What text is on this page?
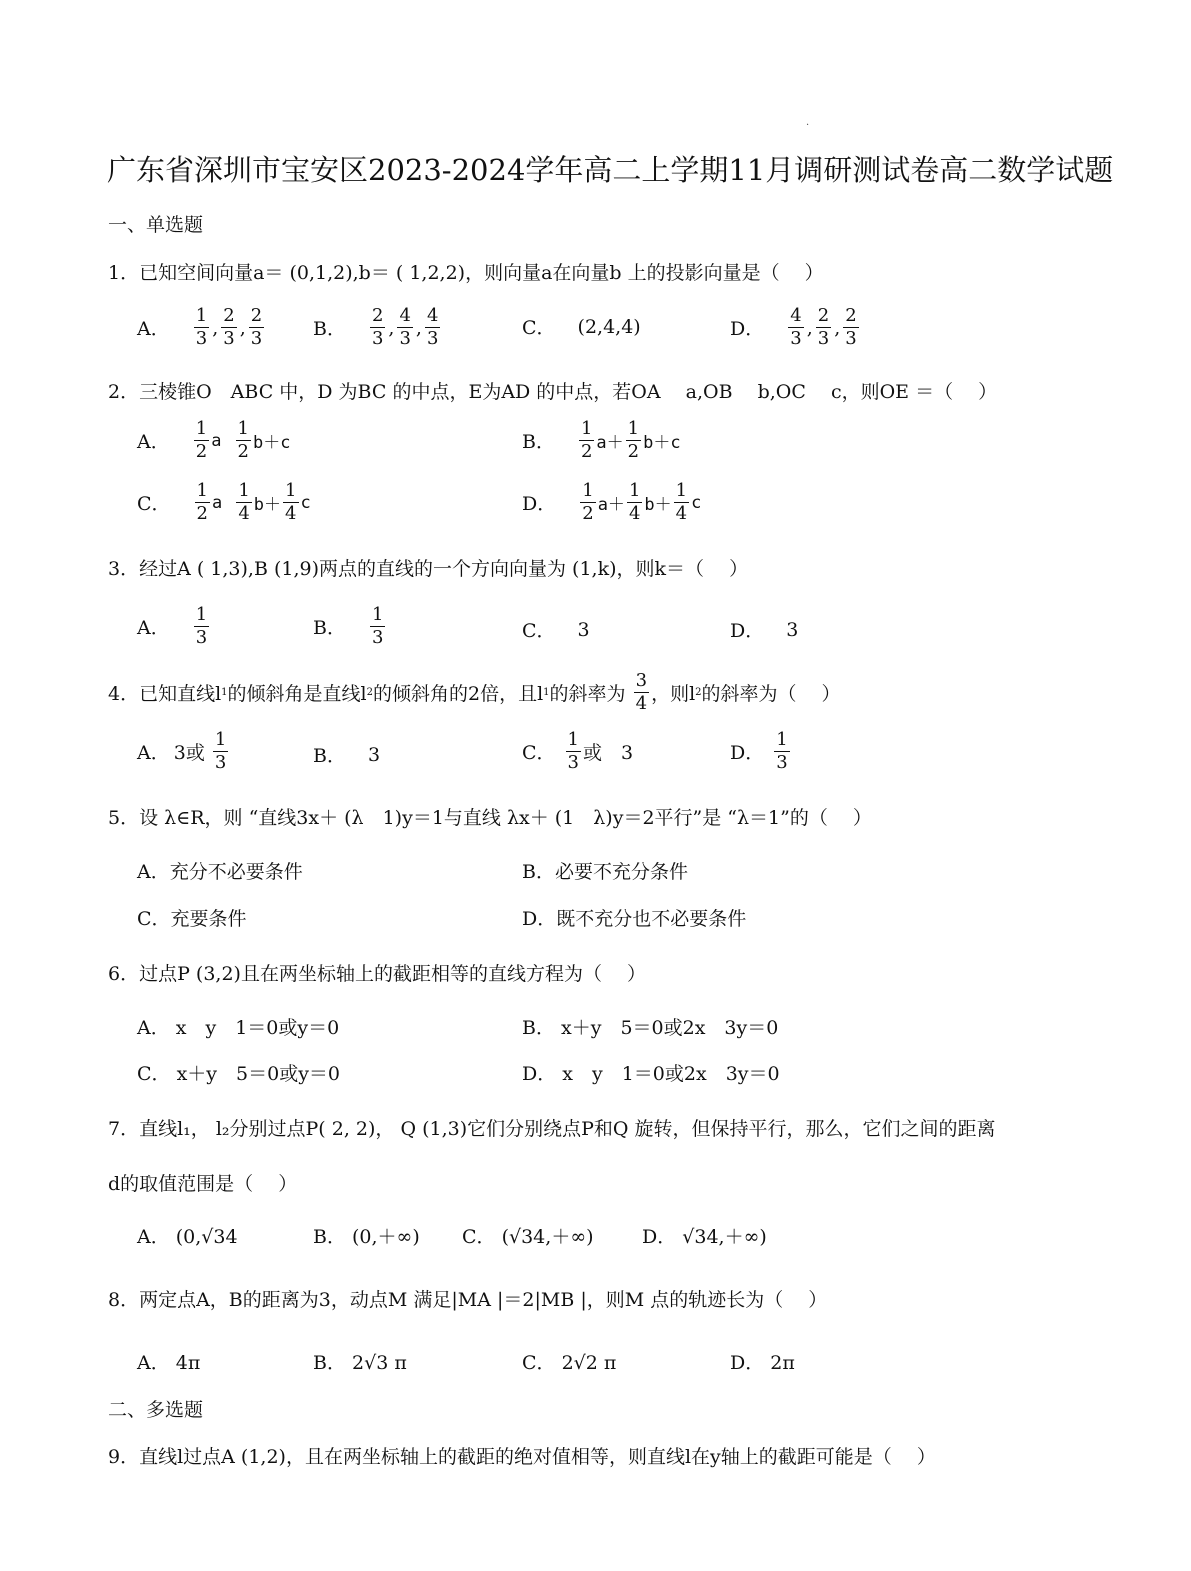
·
广东省深圳市宝安区2023-2024学年高二上学期11月调研测试卷高二数学试题
一、单选题
1．已知空间向量a＝ (0,1,2),b＝ ( 1,2,2)，则向量a在向量b 上的投影向量是（　 ）
A． $\frac{1}{3}$ , $\frac{2}{3}$ , $\frac{2}{3}$	B． $\frac{2}{3}$ , $\frac{4}{3}$ , $\frac{4}{3}$	C． (2,4,4)	D． $\frac{4}{3}$ , $\frac{2}{3}$ , $\frac{2}{3}$
2．三棱锥O　ABC 中，D 为BC 的中点，E为AD 的中点，若OA　 a,OB　 b,OC　 c，则OE ＝（　 ）
A． $\frac{1}{2}$ a
$\frac{1}{2} b+c$	B． $\frac{1}{2} a+ \frac{1}{2} b+c$
C． $\frac{1}{2}$ a
$\frac{1}{4} b+ \frac{1}{4}$ c	D． $\frac{1}{2} a+ \frac{1}{4} b+ \frac{1}{4}$ c
3．经过A ( 1,3),B (1,9)两点的直线的一个方向向量为 (1,k)，则k＝（　 ）
A． $\frac{1}{3}$	B． $\frac{1}{3}$	C． 3	D． 3
4．已知直线l 1 的倾斜角是直线l 2 的倾斜角的2倍，且l 1 的斜率为
$\frac{3}{4}$ ，则l 2 的斜率为（　 ）
A． 3或
$\frac{1}{3}$	B． 3	C． $\frac{1}{3}$ 或　3	D． $\frac{1}{3}$
5．设 λ∈R，则 “直线3x＋ (λ　1)y＝1与直线 λx＋ (1　λ)y＝2平行”是 “λ＝1”的（　 ）
A．充分不必要条件	B．必要不充分条件
C．充要条件	D．既不充分也不必要条件
6．过点P (3,2)且在两坐标轴上的截距相等的直线方程为（　 ）
A． x　y　1＝0或y＝0	B． x＋y　5＝0或2x　3y＝0
C． x＋y　5＝0或y＝0	D． x　y　1＝0或2x　3y＝0
7．直线l₁， l₂分别过点P( 2, 2)， Q (1,3)它们分别绕点P和Q 旋转，但保持平行，那么，它们之间的距离
d的取值范围是（　 ）
A． (0,√34	B． (0,＋∞) C． (√34,＋∞)	D． √34,＋∞)
8．两定点A，B的距离为3，动点M 满足|MA |＝2|MB |，则M 点的轨迹长为（　 ）
A． 4π	B． 2√3 π	C． 2√2 π	D． 2π
二、多选题
9．直线l过点A (1,2)，且在两坐标轴上的截距的绝对值相等，则直线l在y轴上的截距可能是（　 ）
